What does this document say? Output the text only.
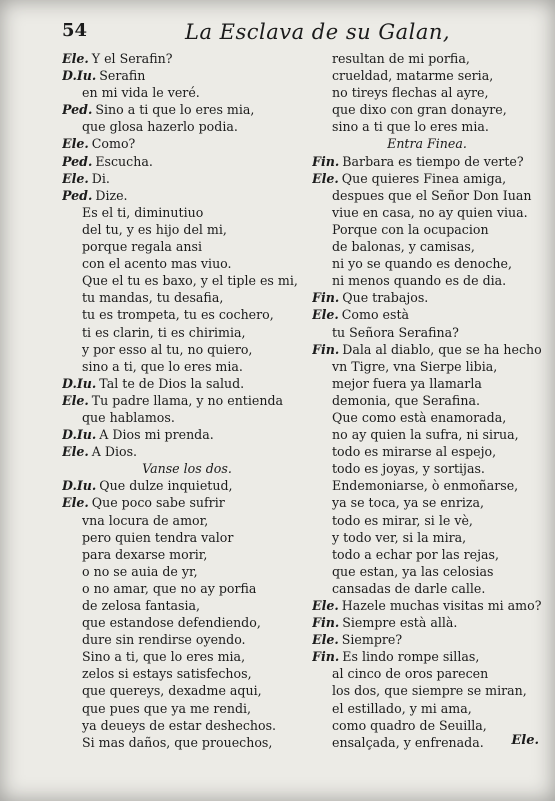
54	La Esclava de su Galan,
Ele. Y el Serafin?
D.Iu. Serafin
en mi vida le veré.
Ped. Sino a ti que lo eres mia,
que glosa hazerlo podia.
Ele. Como?
Ped. Escucha.
Ele. Di.
Ped. Dize.
Es el ti, diminutiuo
del tu, y es hijo del mi,
porque regala ansi
con el acento mas viuo.
Que el tu es baxo, y el tiple es mi,
tu mandas, tu desafia,
tu es trompeta, tu es cochero,
ti es clarin, ti es chirimia,
y por esso al tu, no quiero,
sino a ti, que lo eres mia.
D.Iu. Tal te de Dios la salud.
Ele. Tu padre llama, y no entienda
que hablamos.
D.Iu. A Dios mi prenda.
Ele. A Dios.
Vanse los dos.
D.Iu. Que dulze inquietud,
Ele. Que poco sabe sufrir
vna locura de amor,
pero quien tendra valor
para dexarse morir,
o no se auia de yr,
o no amar, que no ay porfia
de zelosa fantasia,
que estandose defendiendo,
dure sin rendirse oyendo.
Sino a ti, que lo eres mia,
zelos si estays satisfechos,
que quereys, dexadme aqui,
que pues que ya me rendi,
ya deueys de estar deshechos.
Si mas daños, que prouechos,
resultan de mi porfia,
crueldad, matarme seria,
no tireys flechas al ayre,
que dixo con gran donayre,
sino a ti que lo eres mia.
Entra Finea.
Fin. Barbara es tiempo de verte?
Ele. Que quieres Finea amiga,
despues que el Señor Don Iuan
viue en casa, no ay quien viua.
Porque con la ocupacion
de balonas, y camisas,
ni yo se quando es denoche,
ni menos quando es de dia.
Fin. Que trabajos.
Ele. Como està
tu Señora Serafina?
Fin. Dala al diablo, que se ha hecho
vn Tigre, vna Sierpe libia,
mejor fuera ya llamarla
demonia, que Serafina.
Que como està enamorada,
no ay quien la sufra, ni sirua,
todo es mirarse al espejo,
todo es joyas, y sortijas.
Endemoniarse, ò enmoñarse,
ya se toca, ya se enriza,
todo es mirar, si le vè,
y todo ver, si la mira,
todo a echar por las rejas,
que estan, ya las celosias
cansadas de darle calle.
Ele. Hazele muchas visitas mi amo?
Fin. Siempre està allà.
Ele. Siempre?
Fin. Es lindo rompe sillas,
al cinco de oros parecen
los dos, que siempre se miran,
el estillado, y mi ama,
como quadro de Seuilla,
ensalçada, y enfrenada.	Ele.
